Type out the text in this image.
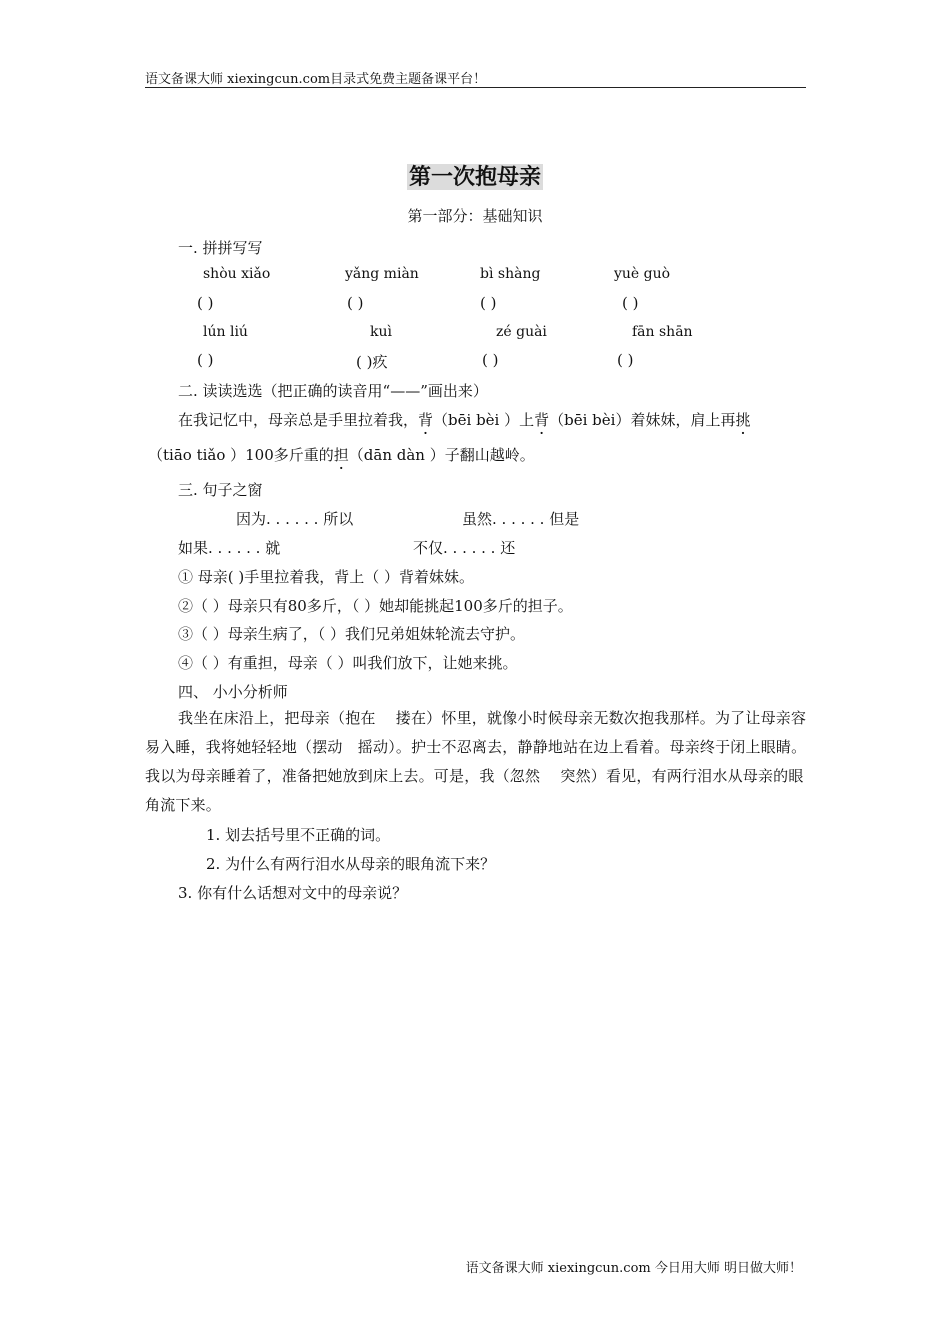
语文备课大师 xiexingcun.com目录式免费主题备课平台！
第一次抱母亲
第一部分：基础知识
一. 拼拼写写
shòu xiǎo	yǎng miàn	bì shàng	yuè guò
( )	( )	( )	( )
lún liú	kuì	zé guài	fān shān
( )	( )疚	( )	( )
二. 读读选选（把正确的读音用“——”画出来）
在我记忆中，母亲总是手里拉着我，背（bēi bèi ）上背（bēi bèi）着妹妹，肩上再挑
（tiāo tiǎo ）100多斤重的担（dān dàn ）子翻山越岭。
三. 句子之窗
因为. . . . . . 所以	虽然. . . . . . 但是
如果. . . . . . 就	不仅. . . . . . 还
① 母亲( )手里拉着我，背上（ ）背着妹妹。
②（ ）母亲只有80多斤，（ ）她却能挑起100多斤的担子。
③（ ）母亲生病了，（ ）我们兄弟姐妹轮流去守护。
④（ ）有重担，母亲（ ）叫我们放下，让她来挑。
四、 小小分析师
我坐在床沿上，把母亲（抱在　 搂在）怀里，就像小时候母亲无数次抱我那样。为了让母亲容易入睡，我将她轻轻地（摆动　摇动）。护士不忍离去，静静地站在边上看着。母亲终于闭上眼睛。我以为母亲睡着了，准备把她放到床上去。可是，我（忽然　 突然）看见，有两行泪水从母亲的眼角流下来。
1. 划去括号里不正确的词。
2. 为什么有两行泪水从母亲的眼角流下来？
3. 你有什么话想对文中的母亲说？
语文备课大师 xiexingcun.com 今日用大师 明日做大师！
